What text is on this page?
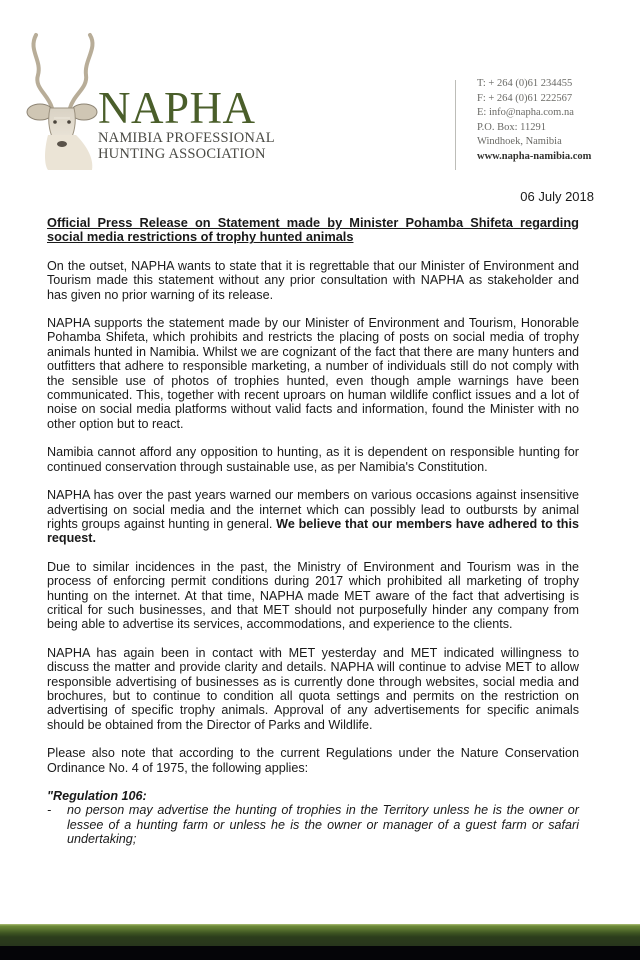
NAPHA
NAMIBIA PROFESSIONAL
HUNTING ASSOCIATION
T: + 264 (0)61 234455
F: + 264 (0)61 222567
E: info@napha.com.na
P.O. Box: 11291
Windhoek, Namibia
www.napha-namibia.com
06 July 2018

Official Press Release on Statement made by Minister Pohamba Shifeta regarding social media restrictions of trophy hunted animals

On the outset, NAPHA wants to state that it is regrettable that our Minister of Environment and Tourism made this statement without any prior consultation with NAPHA as stakeholder and has given no prior warning of its release.

NAPHA supports the statement made by our Minister of Environment and Tourism, Honorable Pohamba Shifeta, which prohibits and restricts the placing of posts on social media of trophy animals hunted in Namibia. Whilst we are cognizant of the fact that there are many hunters and outfitters that adhere to responsible marketing, a number of individuals still do not comply with the sensible use of photos of trophies hunted, even though ample warnings have been communicated. This, together with recent uproars on human wildlife conflict issues and a lot of noise on social media platforms without valid facts and information, found the Minister with no other option but to react.

Namibia cannot afford any opposition to hunting, as it is dependent on responsible hunting for continued conservation through sustainable use, as per Namibia's Constitution.

NAPHA has over the past years warned our members on various occasions against insensitive advertising on social media and the internet which can possibly lead to outbursts by animal rights groups against hunting in general. We believe that our members have adhered to this request.

Due to similar incidences in the past, the Ministry of Environment and Tourism was in the process of enforcing permit conditions during 2017 which prohibited all marketing of trophy hunting on the internet. At that time, NAPHA made MET aware of the fact that advertising is critical for such businesses, and that MET should not purposefully hinder any company from being able to advertise its services, accommodations, and experience to the clients.

NAPHA has again been in contact with MET yesterday and MET indicated willingness to discuss the matter and provide clarity and details. NAPHA will continue to advise MET to allow responsible advertising of businesses as is currently done through websites, social media and brochures, but to continue to condition all quota settings and permits on the restriction on advertising of specific trophy animals. Approval of any advertisements for specific animals should be obtained from the Director of Parks and Wildlife.

Please also note that according to the current Regulations under the Nature Conservation Ordinance No. 4 of 1975, the following applies:

"Regulation 106:

-	no person may advertise the hunting of trophies in the Territory unless he is the owner or lessee of a hunting farm or unless he is the owner or manager of a guest farm or safari undertaking;
